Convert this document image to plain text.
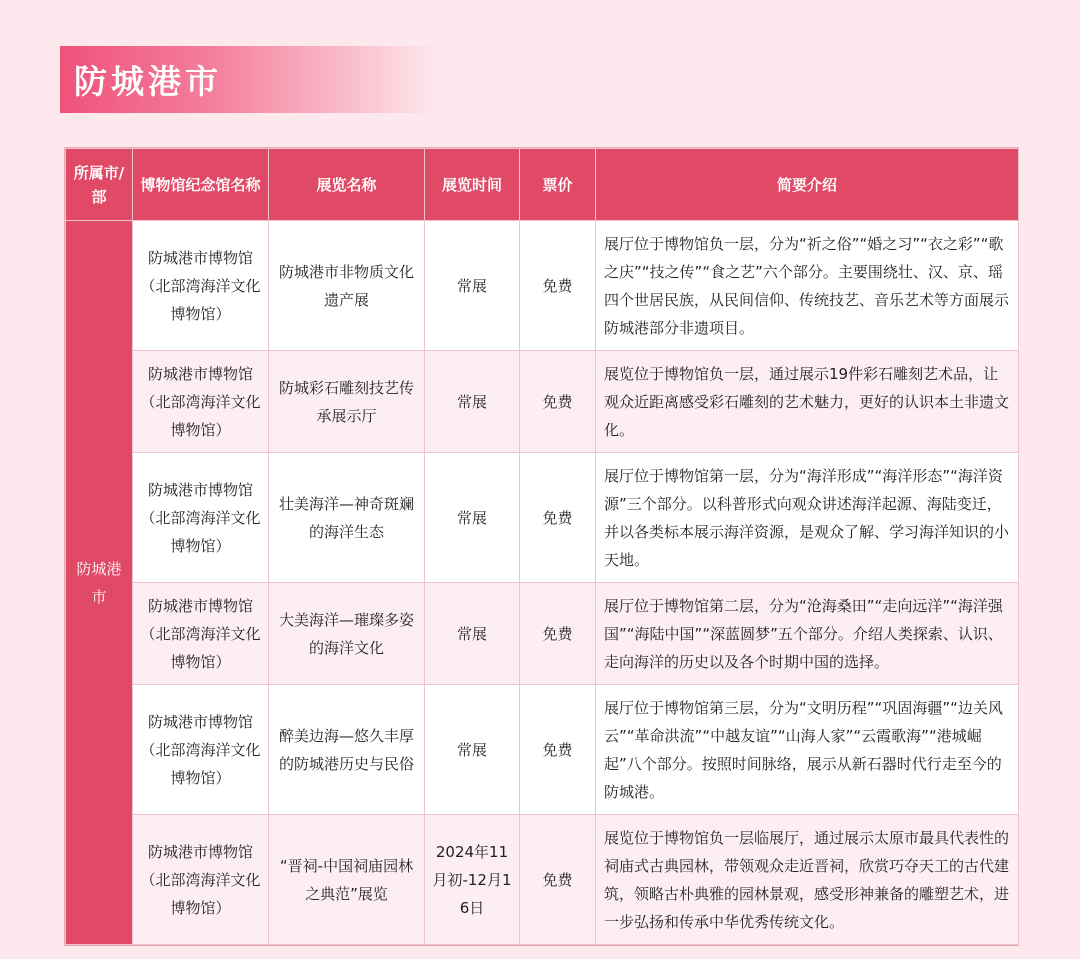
防城港市
所属市/部	博物馆纪念馆名称	展览名称	展览时间	票价	简要介绍
防城港市	防城港市博物馆（北部湾海洋文化博物馆）	防城港市非物质文化遗产展	常展	免费	展厅位于博物馆负一层，分为“祈之俗”“婚之习”“衣之彩”“歌之庆”“技之传”“食之艺”六个部分。主要围绕壮、汉、京、瑶四个世居民族，从民间信仰、传统技艺、音乐艺术等方面展示防城港部分非遗项目。
	防城港市博物馆（北部湾海洋文化博物馆）	防城彩石雕刻技艺传承展示厅	常展	免费	展览位于博物馆负一层，通过展示19件彩石雕刻艺术品，让观众近距离感受彩石雕刻的艺术魅力，更好的认识本土非遗文化。
	防城港市博物馆（北部湾海洋文化博物馆）	壮美海洋—神奇斑斓的海洋生态	常展	免费	展厅位于博物馆第一层，分为“海洋形成”“海洋形态”“海洋资源”三个部分。以科普形式向观众讲述海洋起源、海陆变迁，并以各类标本展示海洋资源，是观众了解、学习海洋知识的小天地。
	防城港市博物馆（北部湾海洋文化博物馆）	大美海洋—璀璨多姿的海洋文化	常展	免费	展厅位于博物馆第二层，分为“沧海桑田”“走向远洋”“海洋强国”“海陆中国”“深蓝圆梦”五个部分。介绍人类探索、认识、走向海洋的历史以及各个时期中国的选择。
	防城港市博物馆（北部湾海洋文化博物馆）	醉美边海—悠久丰厚的防城港历史与民俗	常展	免费	展厅位于博物馆第三层，分为“文明历程”“巩固海疆”“边关风云”“革命洪流”“中越友谊”“山海人家”“云霞歌海”“港城崛起”八个部分。按照时间脉络，展示从新石器时代行走至今的防城港。
	防城港市博物馆（北部湾海洋文化博物馆）	“晋祠-中国祠庙园林之典范”展览	2024年11月初-12月16日	免费	展览位于博物馆负一层临展厅，通过展示太原市最具代表性的祠庙式古典园林，带领观众走近晋祠，欣赏巧夺天工的古代建筑，领略古朴典雅的园林景观，感受形神兼备的雕塑艺术，进一步弘扬和传承中华优秀传统文化。
